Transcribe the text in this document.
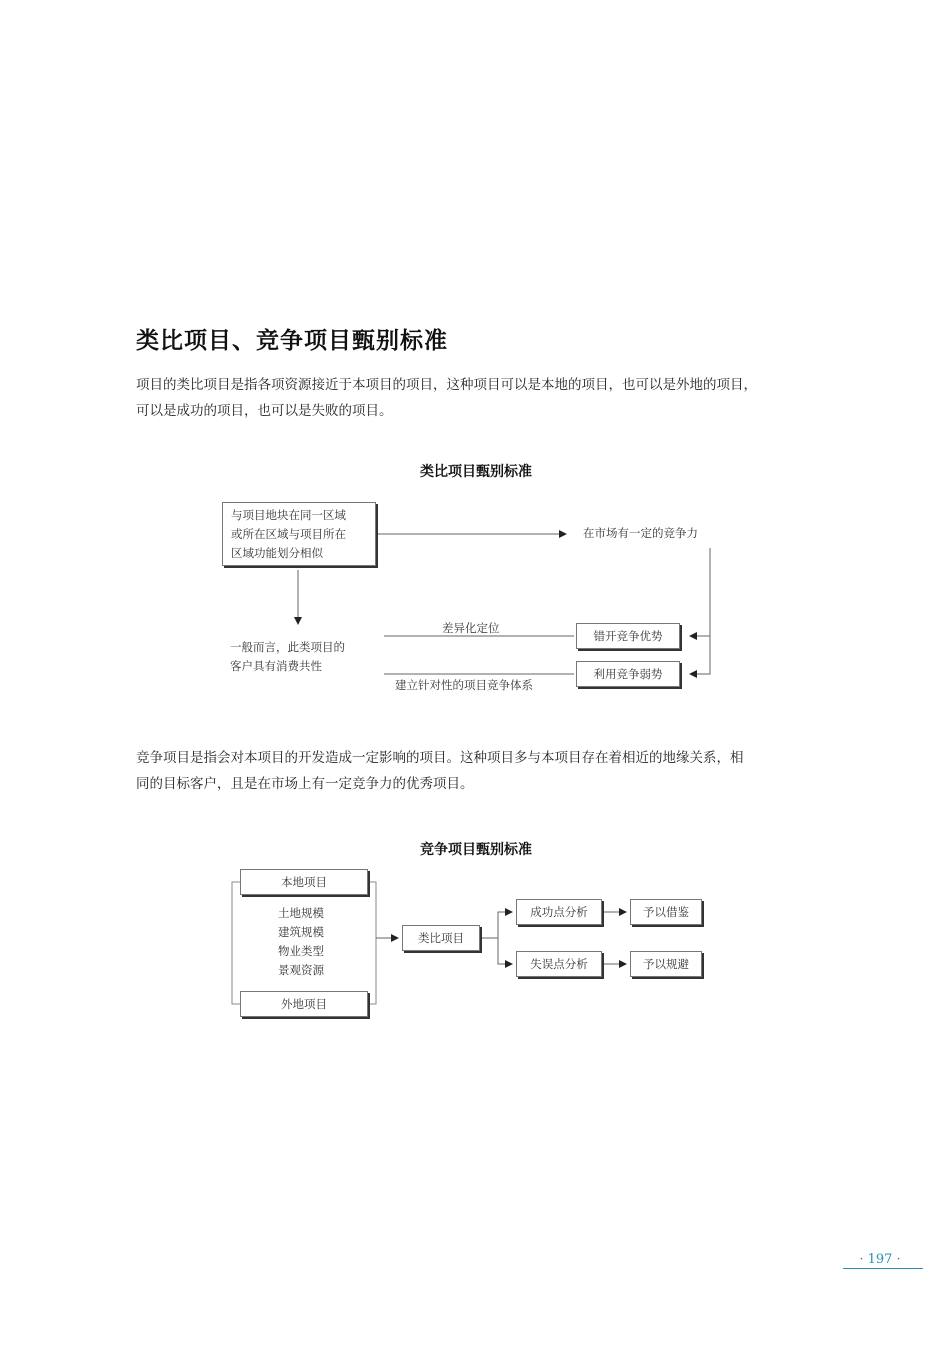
类比项目、竞争项目甄别标准

项目的类比项目是指各项资源接近于本项目的项目，这种项目可以是本地的项目，也可以是外地的项目，
可以是成功的项目，也可以是失败的项目。

类比项目甄别标准
与项目地块在同一区域
或所在区域与项目所在
区域功能划分相似
在市场有一定的竞争力
一般而言，此类项目的
客户具有消费共性
差异化定位
建立针对性的项目竞争体系
错开竞争优势
利用竞争弱势

竞争项目是指会对本项目的开发造成一定影响的项目。这种项目多与本项目存在着相近的地缘关系，相
同的目标客户，且是在市场上有一定竞争力的优秀项目。

竞争项目甄别标准
本地项目
土地规模
建筑规模
物业类型
景观资源
外地项目
类比项目
成功点分析
失误点分析
予以借鉴
予以规避
· 197 ·
